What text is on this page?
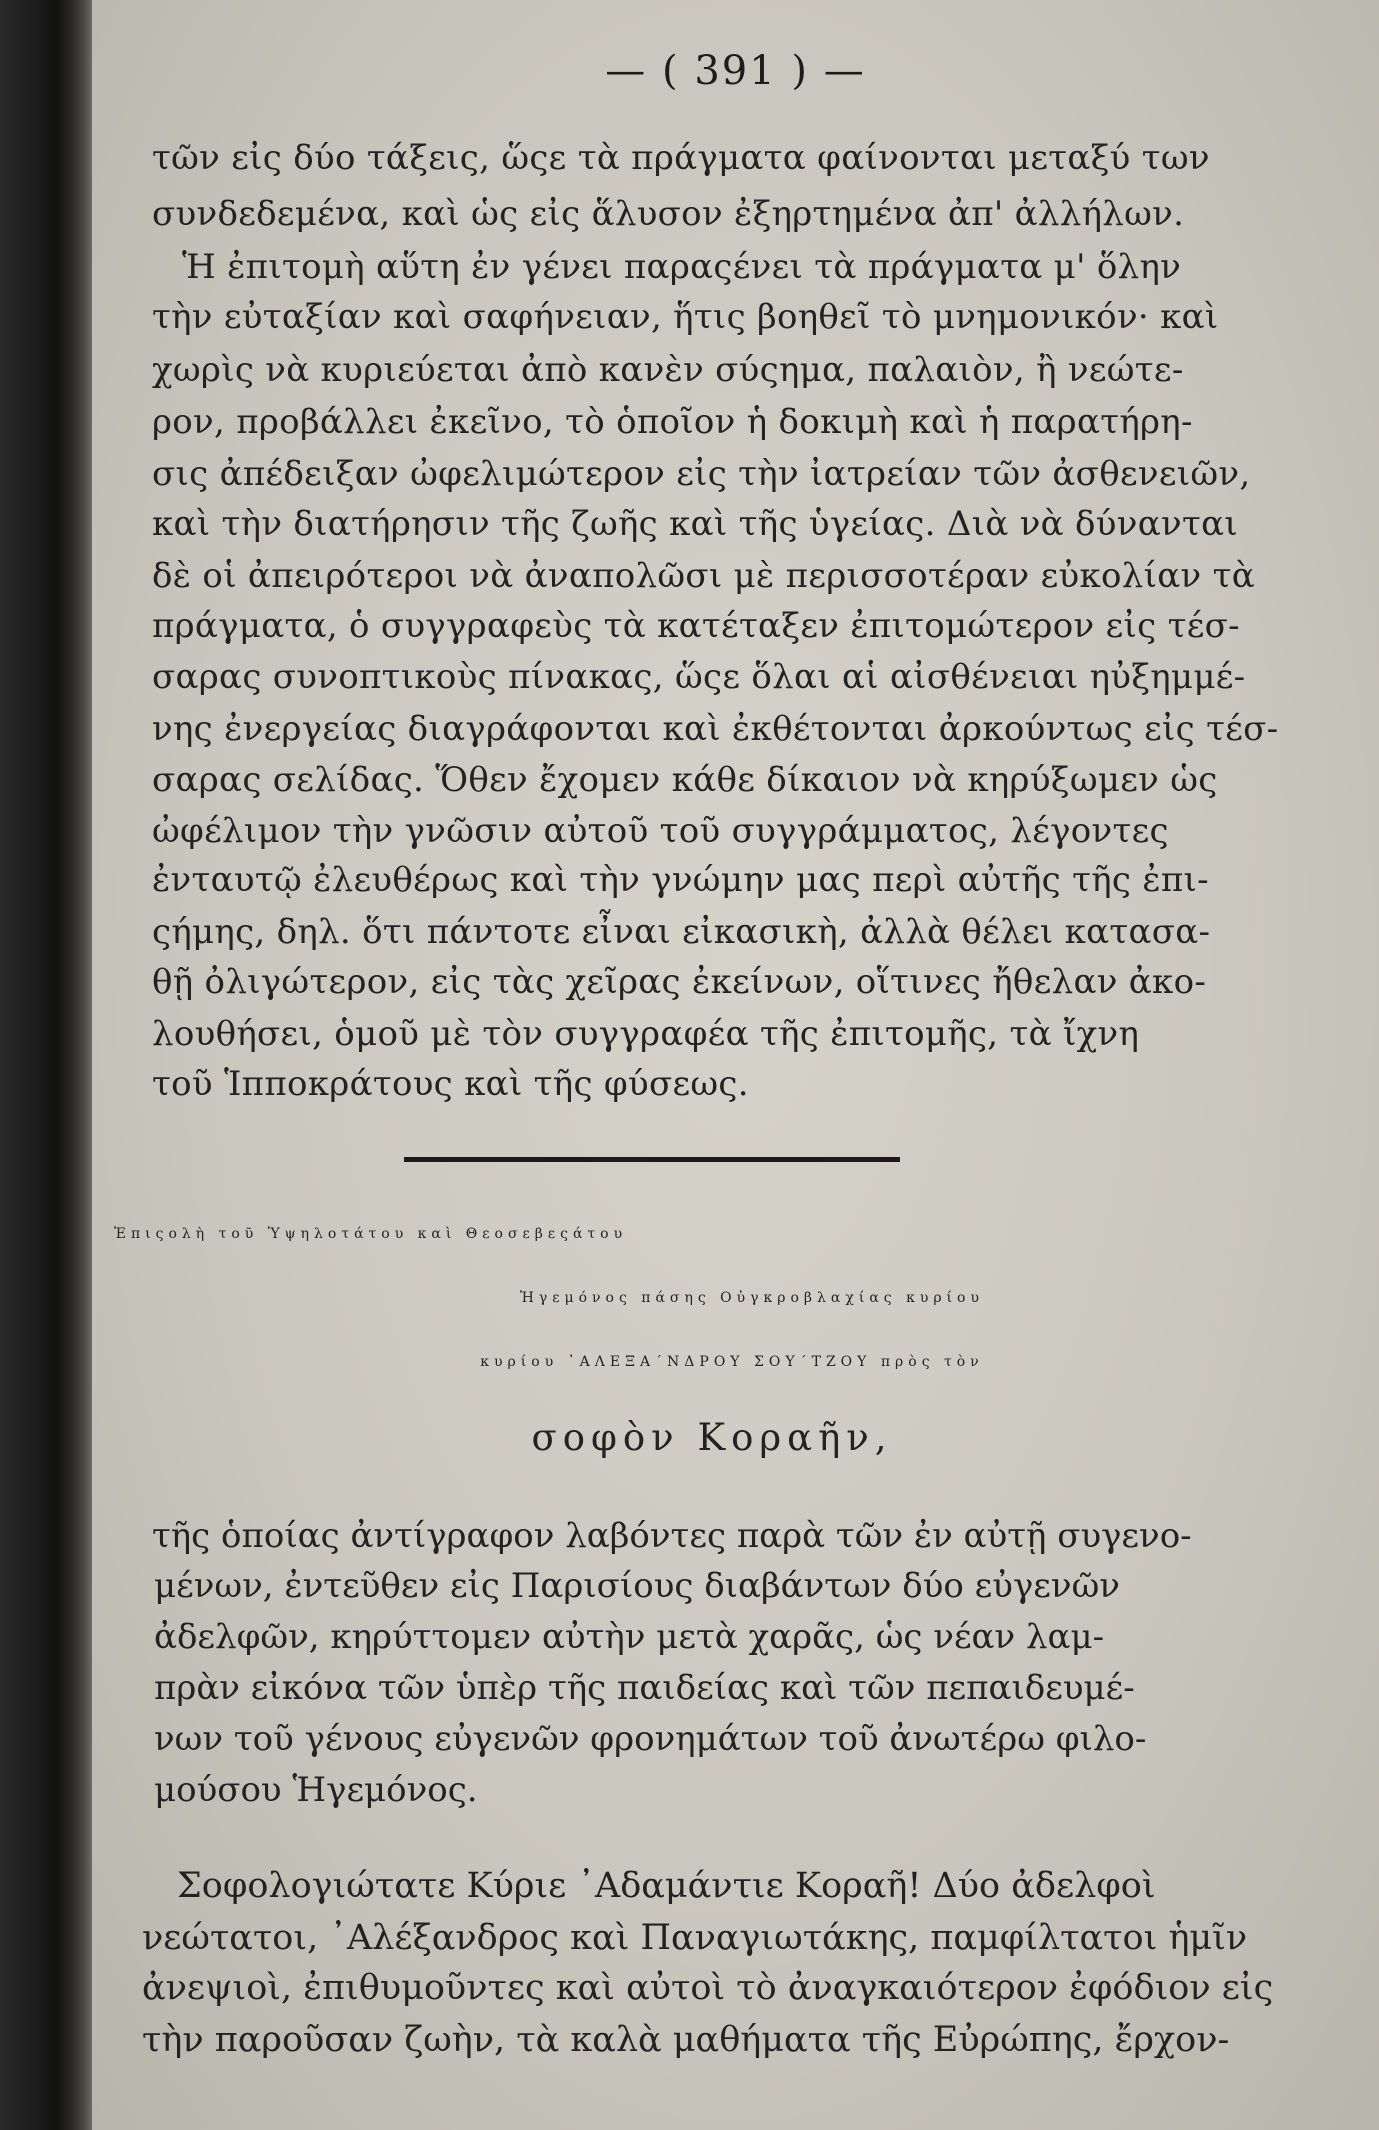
— ( 391 ) —
τῶν εἰς δύο τάξεις, ὥςε τὰ πράγματα φαίνονται μεταξύ των
συνδεδεμένα, καὶ ὡς εἰς ἅλυσον ἐξηρτημένα ἀπ' ἀλλήλων.
Ἡ ἐπιτομὴ αὕτη ἐν γένει παραςένει τὰ πράγματα μ' ὅλην
τὴν εὐταξίαν καὶ σαφήνειαν, ἥτις βοηθεῖ τὸ μνημονικόν· καὶ
χωρὶς νὰ κυριεύεται ἀπὸ κανὲν σύςημα, παλαιὸν, ἢ νεώτε-
ρον, προβάλλει ἐκεῖνο, τὸ ὁποῖον ἡ δοκιμὴ καὶ ἡ παρατήρη-
σις ἀπέδειξαν ὠφελιμώτερον εἰς τὴν ἰατρείαν τῶν ἀσθενειῶν,
καὶ τὴν διατήρησιν τῆς ζωῆς καὶ τῆς ὑγείας. Διὰ νὰ δύνανται
δὲ οἱ ἀπειρότεροι νὰ ἀναπολῶσι μὲ περισσοτέραν εὐκολίαν τὰ
πράγματα, ὁ συγγραφεὺς τὰ κατέταξεν ἐπιτομώτερον εἰς τέσ-
σαρας συνοπτικοὺς πίνακας, ὥςε ὅλαι αἱ αἰσθένειαι ηὐξημμέ-
νης ἐνεργείας διαγράφονται καὶ ἐκθέτονται ἀρκούντως εἰς τέσ-
σαρας σελίδας. Ὅθεν ἔχομεν κάθε δίκαιον νὰ κηρύξωμεν ὡς
ὠφέλιμον τὴν γνῶσιν αὐτοῦ τοῦ συγγράμματος, λέγοντες
ἐνταυτῷ ἐλευθέρως καὶ τὴν γνώμην μας περὶ αὐτῆς τῆς ἐπι-
ςήμης, δηλ. ὅτι πάντοτε εἶναι εἰκασικὴ, ἀλλὰ θέλει κατασα-
θῇ ὀλιγώτερον, εἰς τὰς χεῖρας ἐκείνων, οἵτινες ἤθελαν ἀκο-
λουθήσει, ὁμοῦ μὲ τὸν συγγραφέα τῆς ἐπιτομῆς, τὰ ἴχνη
τοῦ Ἱπποκράτους καὶ τῆς φύσεως.
Ἐπιςολὴ τοῦ Ὑψηλοτάτου καὶ Θεοσεβεςάτου
Ἡγεμόνος πάσης Οὐγκροβλαχίας κυρίου
κυρίου ᾿ΑΛΕΞΑ΄ΝΔΡΟΥ ΣΟΥ΄ΤΖΟΥ πρὸς τὸν
σοφὸν Κοραῆν,
τῆς ὁποίας ἀντίγραφον λαβόντες παρὰ τῶν ἐν αὐτῇ συγενο-
μένων, ἐντεῦθεν εἰς Παρισίους διαβάντων δύο εὐγενῶν
ἀδελφῶν, κηρύττομεν αὐτὴν μετὰ χαρᾶς, ὡς νέαν λαμ-
πρὰν εἰκόνα τῶν ὑπὲρ τῆς παιδείας καὶ τῶν πεπαιδευμέ-
νων τοῦ γένους εὐγενῶν φρονημάτων τοῦ ἀνωτέρω φιλο-
μούσου Ἡγεμόνος.
Σοφολογιώτατε Κύριε ᾿Αδαμάντιε Κοραῆ! Δύο ἀδελφοὶ
νεώτατοι, ᾿Αλέξανδρος καὶ Παναγιωτάκης, παμφίλτατοι ἡμῖν
ἀνεψιοὶ, ἐπιθυμοῦντες καὶ αὐτοὶ τὸ ἀναγκαιότερον ἐφόδιον εἰς
τὴν παροῦσαν ζωὴν, τὰ καλὰ μαθήματα τῆς Εὐρώπης, ἔρχον-
